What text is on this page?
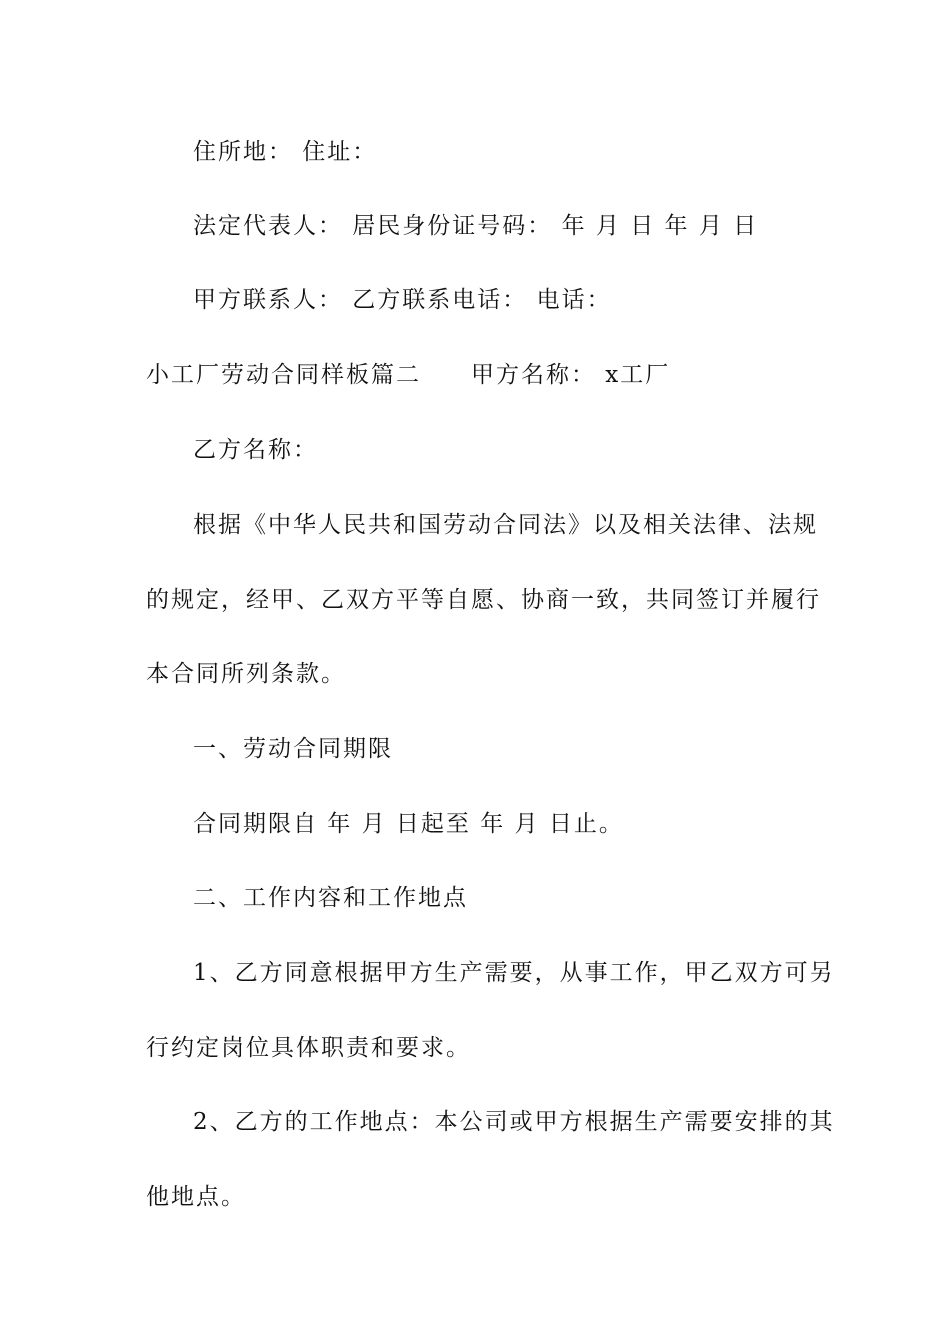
住所地： 住址：
法定代表人： 居民身份证号码： 年 月 日 年 月 日
甲方联系人： 乙方联系电话： 电话：
小工厂劳动合同样板篇二 甲方名称： x工厂
乙方名称：
根据《中华人民共和国劳动合同法》以及相关法律、法规
的规定，经甲、乙双方平等自愿、协商一致，共同签订并履行
本合同所列条款。
一、劳动合同期限
合同期限自 年 月 日起至 年 月 日止。
二、工作内容和工作地点
1、乙方同意根据甲方生产需要，从事工作，甲乙双方可另
行约定岗位具体职责和要求。
2、乙方的工作地点：本公司或甲方根据生产需要安排的其
他地点。
